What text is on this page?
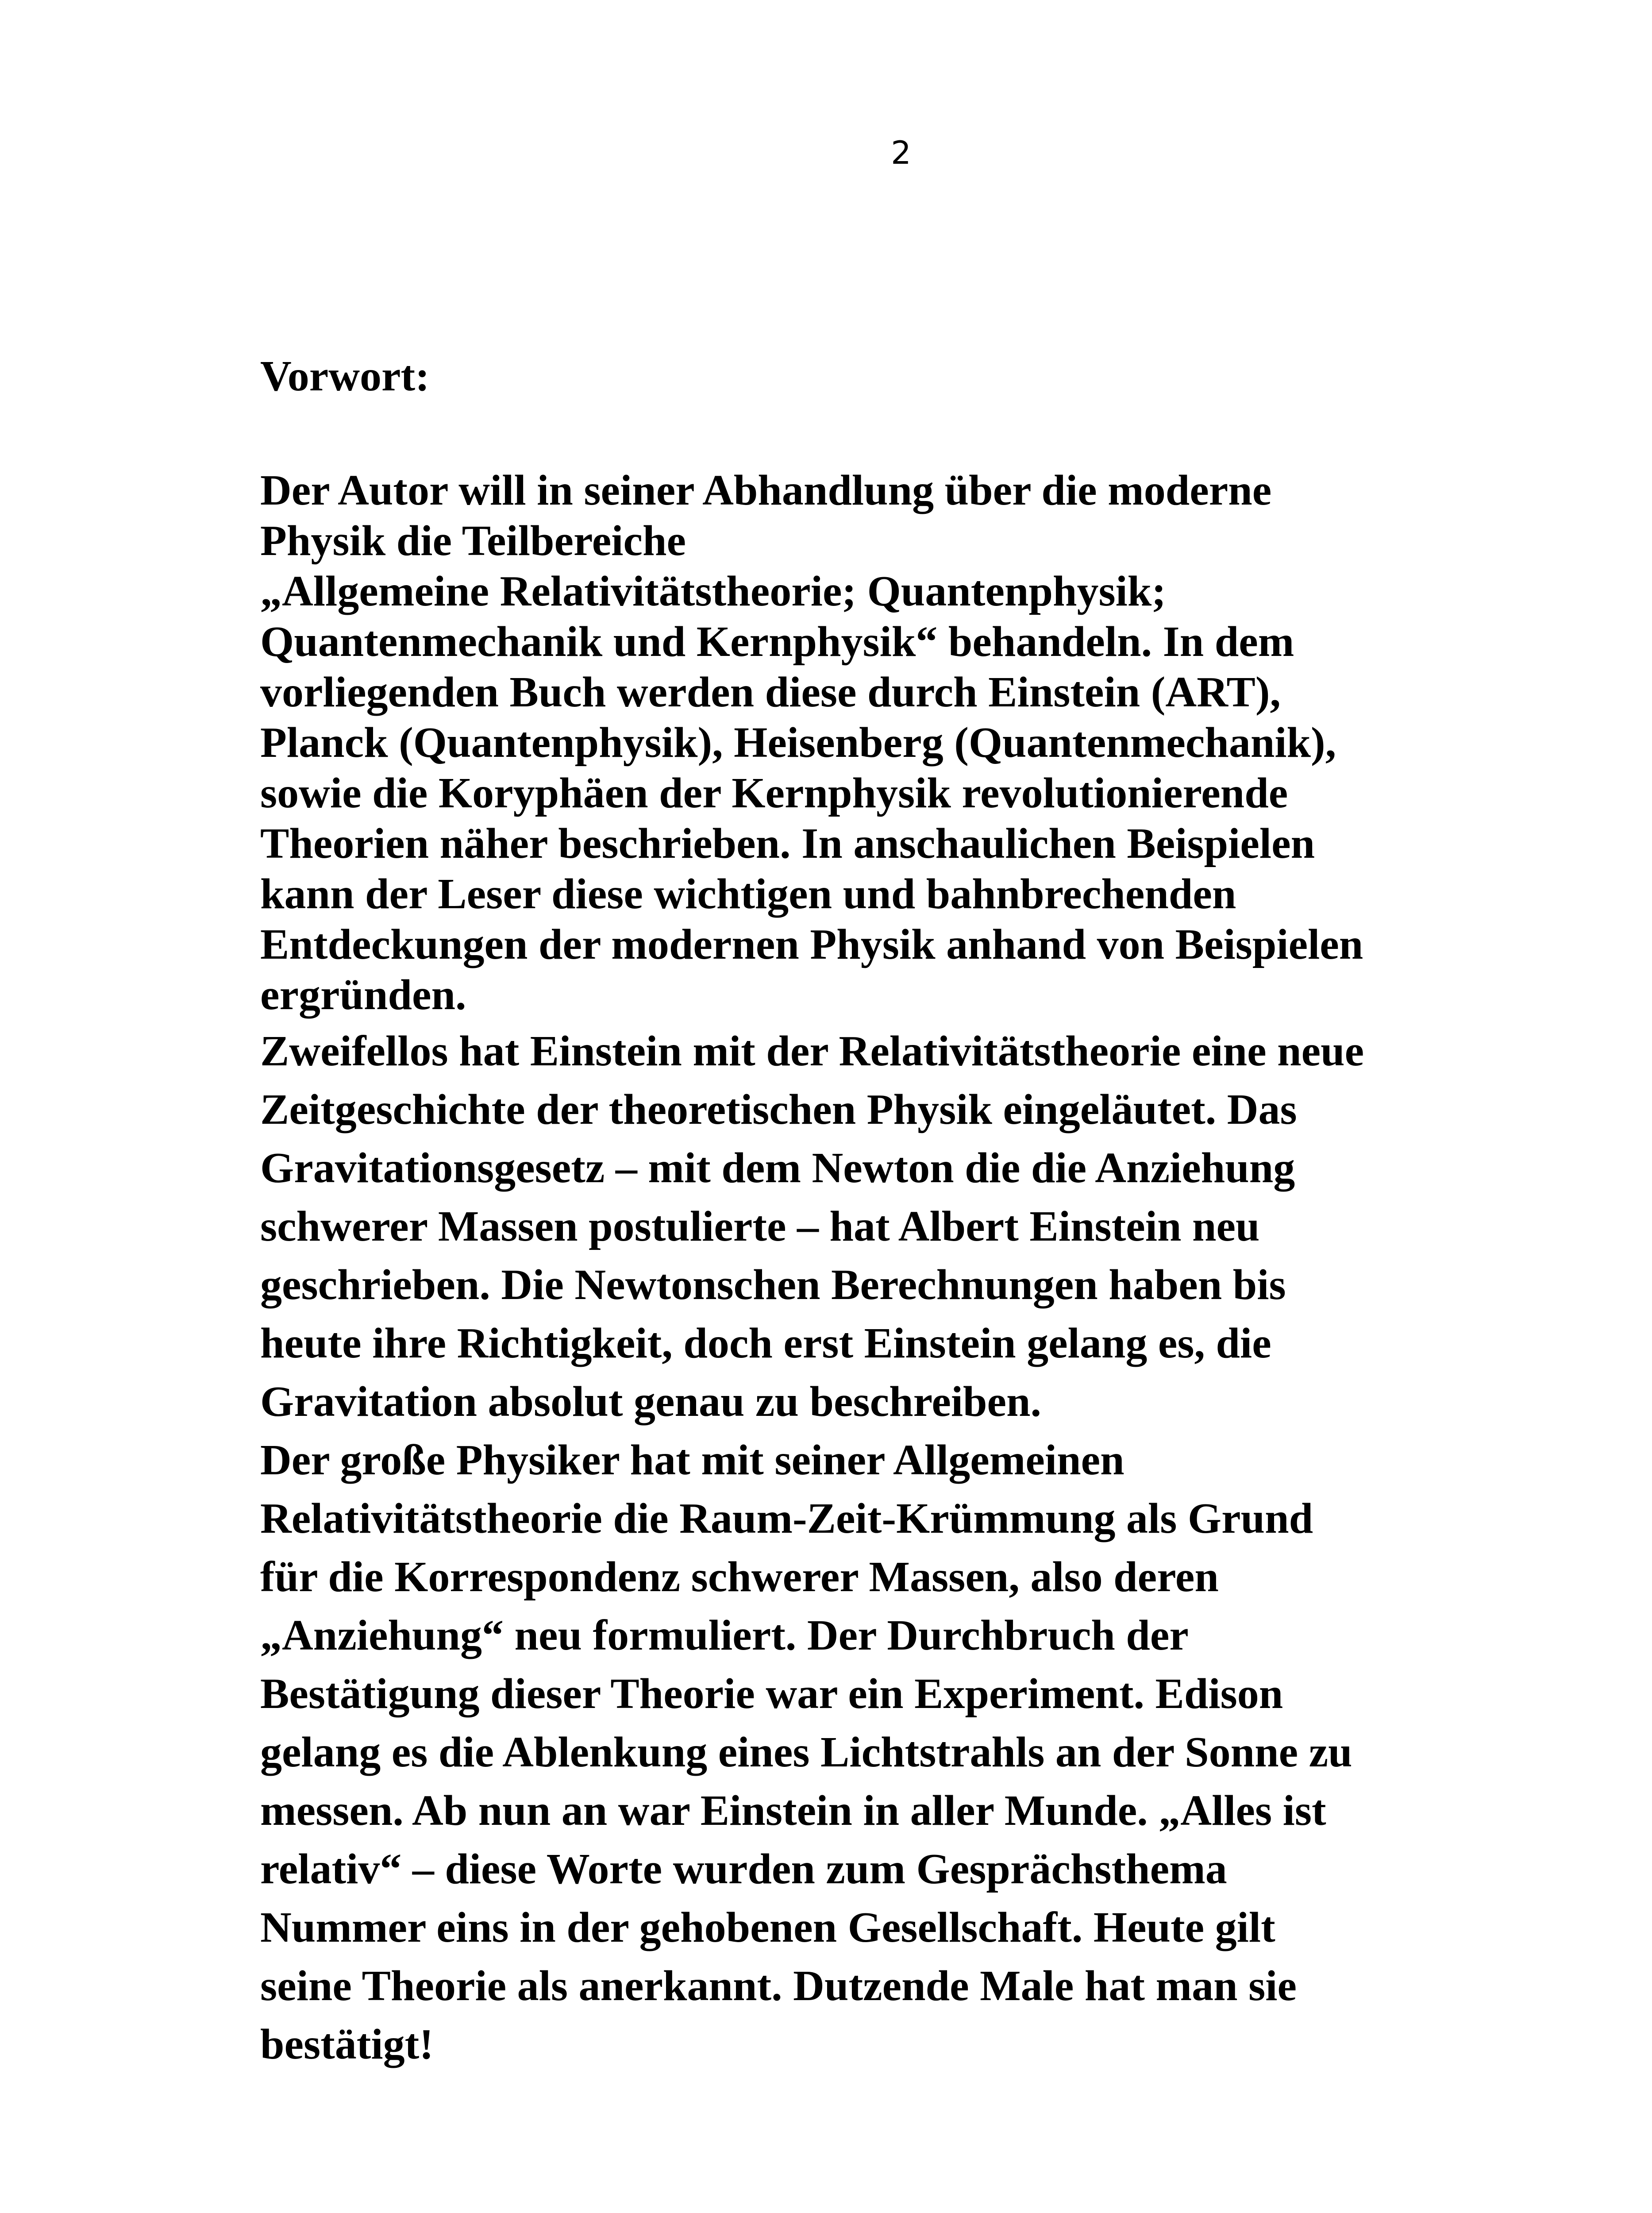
2
Vorwort:

Der Autor will in seiner Abhandlung über die moderne
Physik die Teilbereiche
„Allgemeine Relativitätstheorie; Quantenphysik;
Quantenmechanik und Kernphysik“ behandeln. In dem
vorliegenden Buch werden diese durch Einstein (ART),
Planck (Quantenphysik), Heisenberg (Quantenmechanik),
sowie die Koryphäen der Kernphysik revolutionierende
Theorien näher beschrieben. In anschaulichen Beispielen
kann der Leser diese wichtigen und bahnbrechenden
Entdeckungen der modernen Physik anhand von Beispielen
ergründen.

Zweifellos hat Einstein mit der Relativitätstheorie eine neue
Zeitgeschichte der theoretischen Physik eingeläutet. Das
Gravitationsgesetz – mit dem Newton die die Anziehung
schwerer Massen postulierte – hat Albert Einstein neu
geschrieben. Die Newtonschen Berechnungen haben bis
heute ihre Richtigkeit, doch erst Einstein gelang es, die
Gravitation absolut genau zu beschreiben.

Der große Physiker hat mit seiner Allgemeinen
Relativitätstheorie die Raum-Zeit-Krümmung als Grund
für die Korrespondenz schwerer Massen, also deren
„Anziehung“ neu formuliert. Der Durchbruch der
Bestätigung dieser Theorie war ein Experiment. Edison
gelang es die Ablenkung eines Lichtstrahls an der Sonne zu
messen. Ab nun an war Einstein in aller Munde. „Alles ist
relativ“ – diese Worte wurden zum Gesprächsthema
Nummer eins in der gehobenen Gesellschaft. Heute gilt
seine Theorie als anerkannt. Dutzende Male hat man sie
bestätigt!
